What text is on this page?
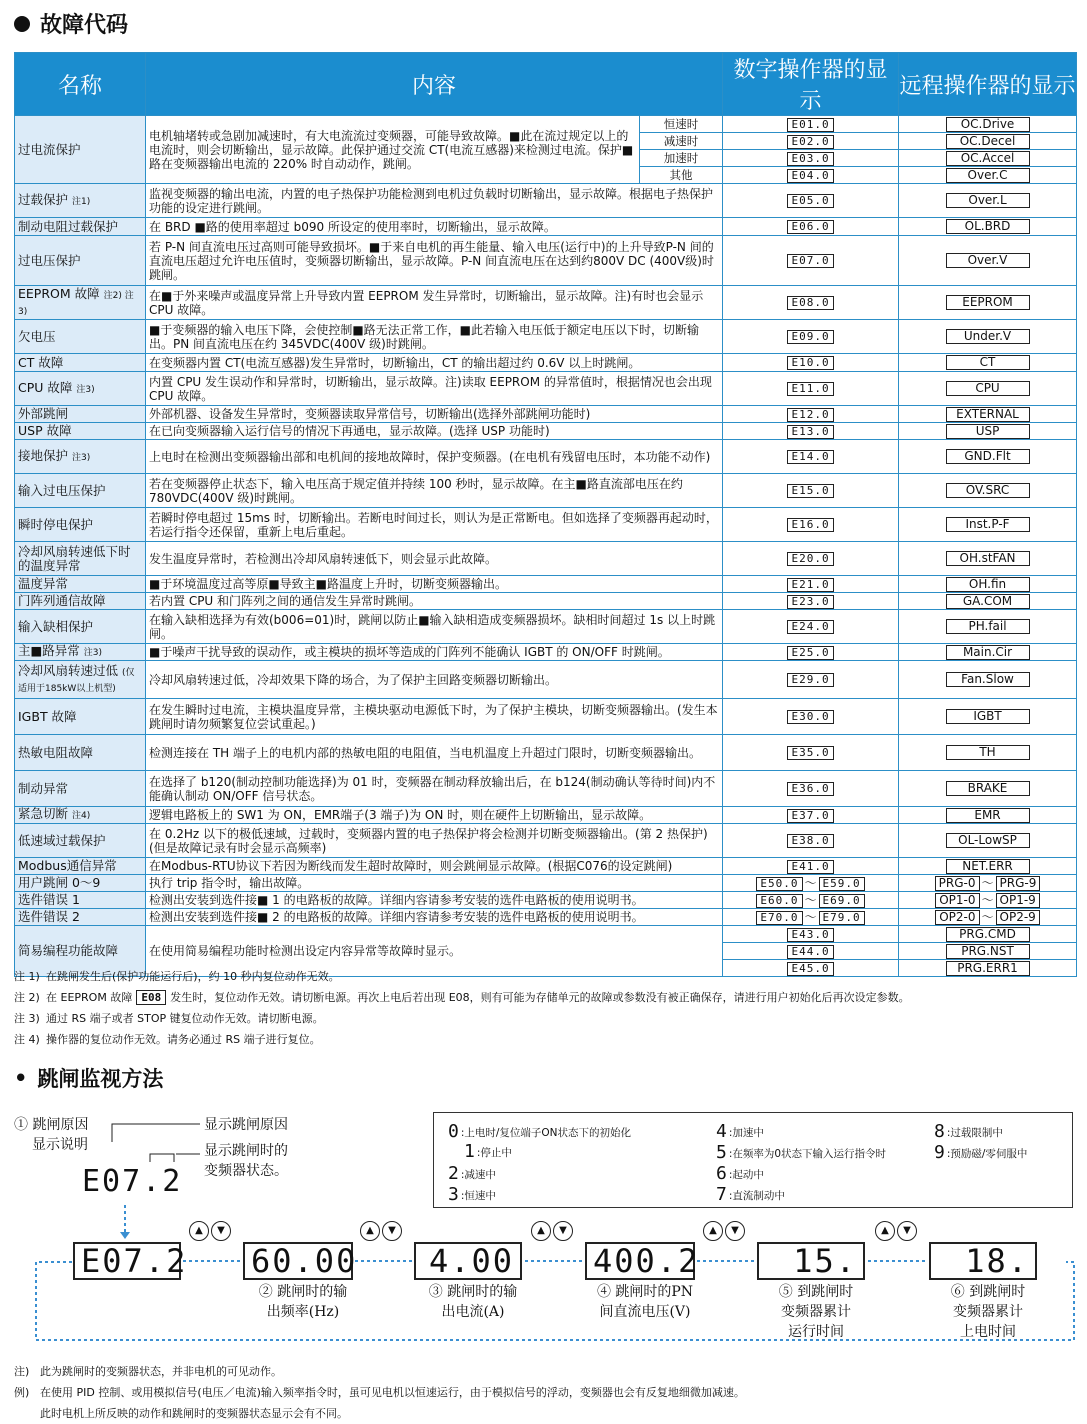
故障代码
名称	内容		数字操作器的显示	远程操作器的显示
过电流保护	电机轴堵转或急剧加减速时，有大电流流过变频器，可能导致故障。■此在流过规定以上的电流时，则会切断输出，显示故障。此保护通过交流 CT(电流互感器)来检测过电流。保护■路在变频器输出电流的 220% 时自动动作，跳闸。	恒速时	E01.0	OC.Drive
		减速时	E02.0	OC.Decel
		加速时	E03.0	OC.Accel
		其他	E04.0	Over.C
过载保护 注1)	监视变频器的输出电流，内置的电子热保护功能检测到电机过负载时切断输出，显示故障。根据电子热保护功能的设定进行跳闸。		E05.0	Over.L
制动电阻过载保护	在 BRD ■路的使用率超过 b090 所设定的使用率时，切断输出，显示故障。		E06.0	OL.BRD
过电压保护	若 P-N 间直流电压过高则可能导致损坏。■于来自电机的再生能量、输入电压(运行中)的上升导致P-N 间的直流电压超过允许电压值时，变频器切断输出，显示故障。P-N 间直流电压在达到约800V DC (400V级)时跳闸。		E07.0	Over.V
EEPROM 故障 注2) 注3)	在■于外来噪声或温度异常上升导致内置 EEPROM 发生异常时，切断输出，显示故障。注)有时也会显示 CPU 故障。		E08.0	EEPROM
欠电压	■于变频器的输入电压下降，会使控制■路无法正常工作，■此若输入电压低于额定电压以下时，切断输出。PN 间直流电压在约 345VDC(400V 级)时跳闸。		E09.0	Under.V
CT 故障	在变频器内置 CT(电流互感器)发生异常时，切断输出，CT 的输出超过约 0.6V 以上时跳闸。		E10.0	CT
CPU 故障 注3)	内置 CPU 发生误动作和异常时，切断输出，显示故障。注)读取 EEPROM 的异常值时，根据情况也会出现 CPU 故障。		E11.0	CPU
外部跳闸	外部机器、设备发生异常时，变频器读取异常信号，切断输出(选择外部跳闸功能时)		E12.0	EXTERNAL
USP 故障	在已向变频器输入运行信号的情况下再通电，显示故障。(选择 USP 功能时)		E13.0	USP
接地保护 注3)	上电时在检测出变频器输出部和电机间的接地故障时，保护变频器。(在电机有残留电压时，本功能不动作)		E14.0	GND.Flt
输入过电压保护	若在变频器停止状态下，输入电压高于规定值并持续 100 秒时，显示故障。在主■路直流部电压在约 780VDC(400V 级)时跳闸。		E15.0	OV.SRC
瞬时停电保护	若瞬时停电超过 15ms 时，切断输出。若断电时间过长，则认为是正常断电。但如选择了变频器再起动时，若运行指令还保留，重新上电后重起。		E16.0	Inst.P-F
冷却风扇转速低下时的温度异常	发生温度异常时，若检测出冷却风扇转速低下，则会显示此故障。		E20.0	OH.stFAN
温度异常	■于环境温度过高等原■导致主■路温度上升时，切断变频器输出。		E21.0	OH.fin
门阵列通信故障	若内置 CPU 和门阵列之间的通信发生异常时跳闸。		E23.0	GA.COM
输入缺相保护	在输入缺相选择为有效(b006=01)时，跳闸以防止■输入缺相造成变频器损坏。缺相时间超过 1s 以上时跳闸。		E24.0	PH.fail
主■路异常 注3)	■于噪声干扰导致的误动作，或主模块的损坏等造成的门阵列不能确认 IGBT 的 ON/OFF 时跳闸。		E25.0	Main.Cir
冷却风扇转速过低 (仅适用于185kW以上机型)	冷却风扇转速过低，冷却效果下降的场合，为了保护主回路变频器切断输出。		E29.0	Fan.Slow
IGBT 故障	在发生瞬时过电流，主模块温度异常，主模块驱动电源低下时，为了保护主模块，切断变频器输出。(发生本跳闸时请勿频繁复位尝试重起。)		E30.0	IGBT
热敏电阻故障	检测连接在 TH 端子上的电机内部的热敏电阻的电阻值，当电机温度上升超过门限时，切断变频器输出。		E35.0	TH
制动异常	在选择了 b120(制动控制功能选择)为 01 时，变频器在制动释放输出后，在 b124(制动确认等待时间)内不能确认制动 ON/OFF 信号状态。		E36.0	BRAKE
紧急切断 注4)	逻辑电路板上的 SW1 为 ON，EMR端子(3 端子)为 ON 时，则在硬件上切断输出，显示故障。		E37.0	EMR
低速域过载保护	在 0.2Hz 以下的极低速域，过载时，变频器内置的电子热保护将会检测并切断变频器输出。(第 2 热保护)(但是故障记录有时会显示高频率)		E38.0	OL-LowSP
Modbus通信异常	在Modbus-RTU协议下若因为断线而发生超时故障时，则会跳闸显示故障。(根据C076的设定跳闸)		E41.0	NET.ERR
用户跳闸 0～9	执行 trip 指令时，输出故障。		E50.0 ～ E59.0	PRG-0 ～ PRG-9
选件错误 1	检测出安装到选件接■ 1 的电路板的故障。详细内容请参考安装的选件电路板的使用说明书。		E60.0 ～ E69.0	OP1-0 ～ OP1-9
选件错误 2	检测出安装到选件接■ 2 的电路板的故障。详细内容请参考安装的选件电路板的使用说明书。		E70.0 ～ E79.0	OP2-0 ～ OP2-9
简易编程功能故障	在使用简易编程功能时检测出设定内容异常等故障时显示。		E43.0	PRG.CMD
			E44.0	PRG.NST
			E45.0	PRG.ERR1
注 1) 在跳闸发生后(保护功能运行后)，约 10 秒内复位动作无效。
注 2) 在 EEPROM 故障 E08 发生时，复位动作无效。请切断电源。再次上电后若出现 E08，则有可能为存储单元的故障或参数没有被正确保存，请进行用户初始化后再次设定参数。
注 3) 通过 RS 端子或者 STOP 键复位动作无效。请切断电源。
注 4) 操作器的复位动作无效。请务必通过 RS 端子进行复位。
• 跳闸监视方法
① 跳闸原因
显示说明
显示跳闸原因
显示跳闸时的
变频器状态。
E07.2
0 :上电时/复位端子ON状态下的初始化
1 :停止中
2 :减速中
3 :恒速中
4 :加速中
5 :在频率为0状态下输入运行指令时
6 :起动中
7 :直流制动中
8 :过载限制中
9 :预励磁/零伺服中
E07.2 60.00
② 跳闸时的输
出频率(Hz)
▲	▼
4.00
③ 跳闸时的输
出电流(A)
▲	▼
400.2
④ 跳闸时的PN
间直流电压(V)
▲	▼
15.
⑤ 到跳闸时
变频器累计
运行时间
▲	▼
18.
⑥ 到跳闸时
变频器累计
上电时间
▲	▼
注) 此为跳闸时的变频器状态，并非电机的可见动作。
例) 在使用 PID 控制、或用模拟信号(电压／电流)输入频率指令时，虽可见电机以恒速运行，由于模拟信号的浮动，变频器也会有反复地细微加减速。
此时电机上所反映的动作和跳闸时的变频器状态显示会有不同。
